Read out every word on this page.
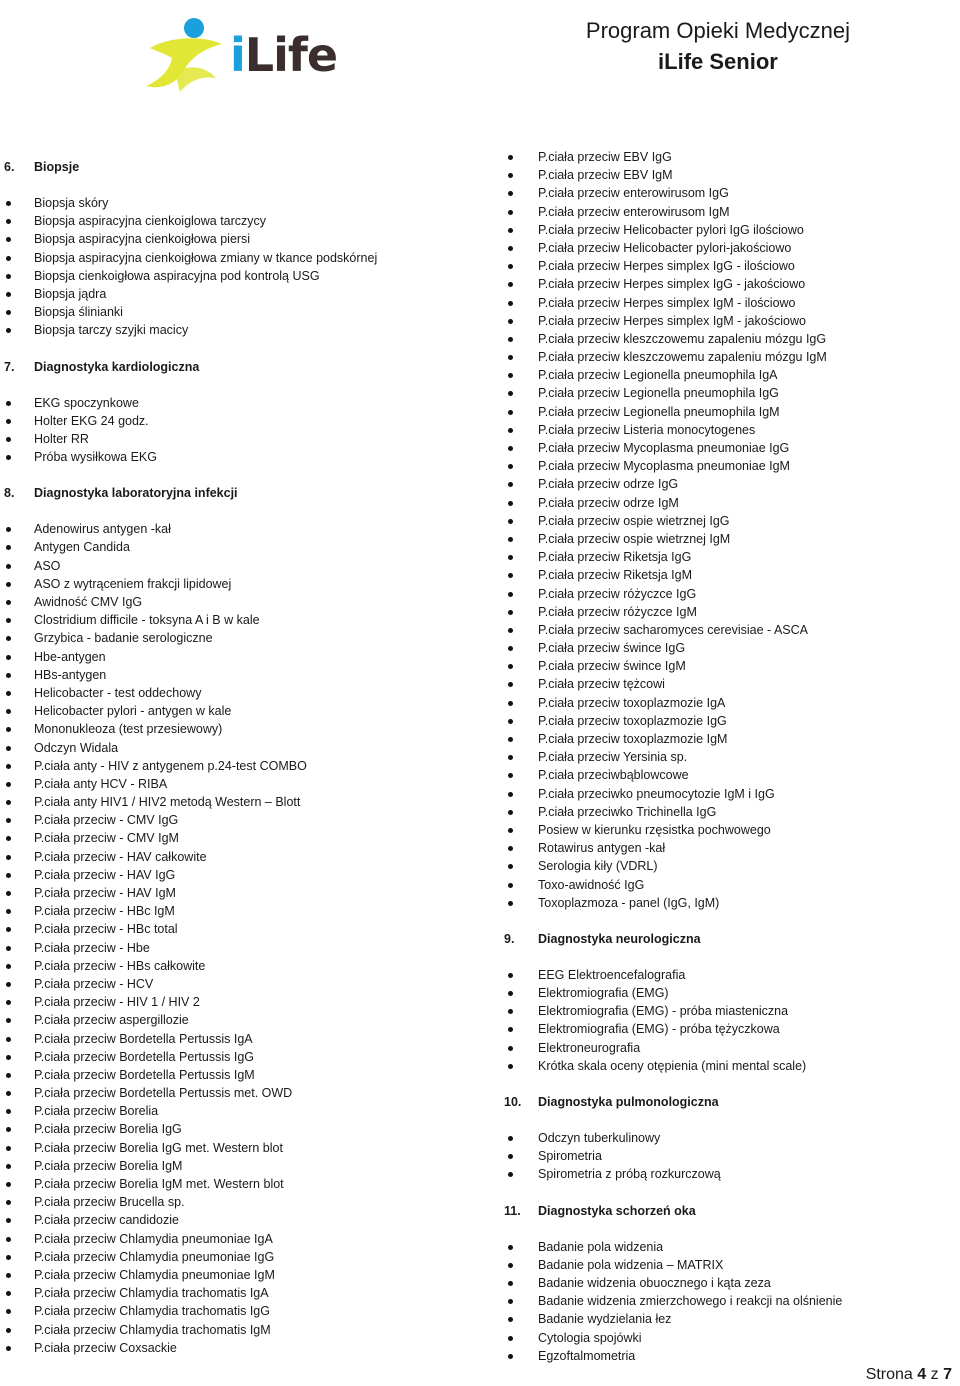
iLife	Program Opieki Medycznej
iLife Senior
6.	Biopsje
Biopsja skóry
Biopsja aspiracyjna cienkoiglowa tarczycy
Biopsja aspiracyjna cienkoigłowa piersi
Biopsja aspiracyjna cienkoigłowa zmiany w tkance podskórnej
Biopsja cienkoigłowa aspiracyjna pod kontrolą USG
Biopsja jądra
Biopsja ślinianki
Biopsja tarczy szyjki macicy
7.	Diagnostyka kardiologiczna
EKG spoczynkowe
Holter EKG 24 godz.
Holter RR
Próba wysiłkowa EKG
8.	Diagnostyka laboratoryjna infekcji
Adenowirus antygen -kał
Antygen Candida
ASO
ASO z wytrąceniem frakcji lipidowej
Awidność CMV IgG
Clostridium difficile - toksyna A i B w kale
Grzybica - badanie serologiczne
Hbe-antygen
HBs-antygen
Helicobacter - test oddechowy
Helicobacter pylori - antygen w kale
Mononukleoza (test przesiewowy)
Odczyn Widala
P.ciała anty - HIV z antygenem p.24-test COMBO
P.ciała anty HCV - RIBA
P.ciała anty HIV1 / HIV2 metodą Western – Blott
P.ciała przeciw - CMV IgG
P.ciała przeciw - CMV IgM
P.ciała przeciw - HAV całkowite
P.ciała przeciw - HAV IgG
P.ciała przeciw - HAV IgM
P.ciała przeciw - HBc IgM
P.ciała przeciw - HBc total
P.ciała przeciw - Hbe
P.ciała przeciw - HBs całkowite
P.ciała przeciw - HCV
P.ciała przeciw - HIV 1 / HIV 2
P.ciała przeciw aspergillozie
P.ciała przeciw Bordetella Pertussis IgA
P.ciała przeciw Bordetella Pertussis IgG
P.ciała przeciw Bordetella Pertussis IgM
P.ciała przeciw Bordetella Pertussis met. OWD
P.ciała przeciw Borelia
P.ciała przeciw Borelia IgG
P.ciała przeciw Borelia IgG met. Western blot
P.ciała przeciw Borelia IgM
P.ciała przeciw Borelia IgM met. Western blot
P.ciała przeciw Brucella sp.
P.ciała przeciw candidozie
P.ciała przeciw Chlamydia pneumoniae IgA
P.ciała przeciw Chlamydia pneumoniae IgG
P.ciała przeciw Chlamydia pneumoniae IgM
P.ciała przeciw Chlamydia trachomatis IgA
P.ciała przeciw Chlamydia trachomatis IgG
P.ciała przeciw Chlamydia trachomatis IgM
P.ciała przeciw Coxsackie
P.ciała przeciw EBV IgG
P.ciała przeciw EBV IgM
P.ciała przeciw enterowirusom IgG
P.ciała przeciw enterowirusom IgM
P.ciała przeciw Helicobacter pylori IgG ilościowo
P.ciała przeciw Helicobacter pylori-jakościowo
P.ciała przeciw Herpes simplex IgG - ilościowo
P.ciała przeciw Herpes simplex IgG - jakościowo
P.ciała przeciw Herpes simplex IgM - ilościowo
P.ciała przeciw Herpes simplex IgM - jakościowo
P.ciała przeciw kleszczowemu zapaleniu mózgu IgG
P.ciała przeciw kleszczowemu zapaleniu mózgu IgM
P.ciała przeciw Legionella pneumophila IgA
P.ciała przeciw Legionella pneumophila IgG
P.ciała przeciw Legionella pneumophila IgM
P.ciała przeciw Listeria monocytogenes
P.ciała przeciw Mycoplasma pneumoniae IgG
P.ciała przeciw Mycoplasma pneumoniae IgM
P.ciała przeciw odrze IgG
P.ciała przeciw odrze IgM
P.ciała przeciw ospie wietrznej IgG
P.ciała przeciw ospie wietrznej IgM
P.ciała przeciw Riketsja IgG
P.ciała przeciw Riketsja IgM
P.ciała przeciw różyczce IgG
P.ciała przeciw różyczce IgM
P.ciała przeciw sacharomyces cerevisiae - ASCA
P.ciała przeciw śwince IgG
P.ciała przeciw śwince IgM
P.ciała przeciw tężcowi
P.ciała przeciw toxoplazmozie IgA
P.ciała przeciw toxoplazmozie IgG
P.ciała przeciw toxoplazmozie IgM
P.ciała przeciw Yersinia sp.
P.ciała przeciwbąblowcowe
P.ciała przeciwko pneumocytozie IgM i IgG
P.ciała przeciwko Trichinella IgG
Posiew w kierunku rzęsistka pochwowego
Rotawirus antygen -kał
Serologia kiły (VDRL)
Toxo-awidność IgG
Toxoplazmoza - panel (IgG, IgM)
9.	Diagnostyka neurologiczna
EEG Elektroencefalografia
Elektromiografia (EMG)
Elektromiografia (EMG) - próba miasteniczna
Elektromiografia (EMG) - próba tężyczkowa
Elektroneurografia
Krótka skala oceny otępienia (mini mental scale)
10.	Diagnostyka pulmonologiczna
Odczyn tuberkulinowy
Spirometria
Spirometria z próbą rozkurczową
11.	Diagnostyka schorzeń oka
Badanie pola widzenia
Badanie pola widzenia – MATRIX
Badanie widzenia obuocznego i kąta zeza
Badanie widzenia zmierzchowego i reakcji na olśnienie
Badanie wydzielania łez
Cytologia spojówki
Egzoftalmometria
Strona 4 z 7
